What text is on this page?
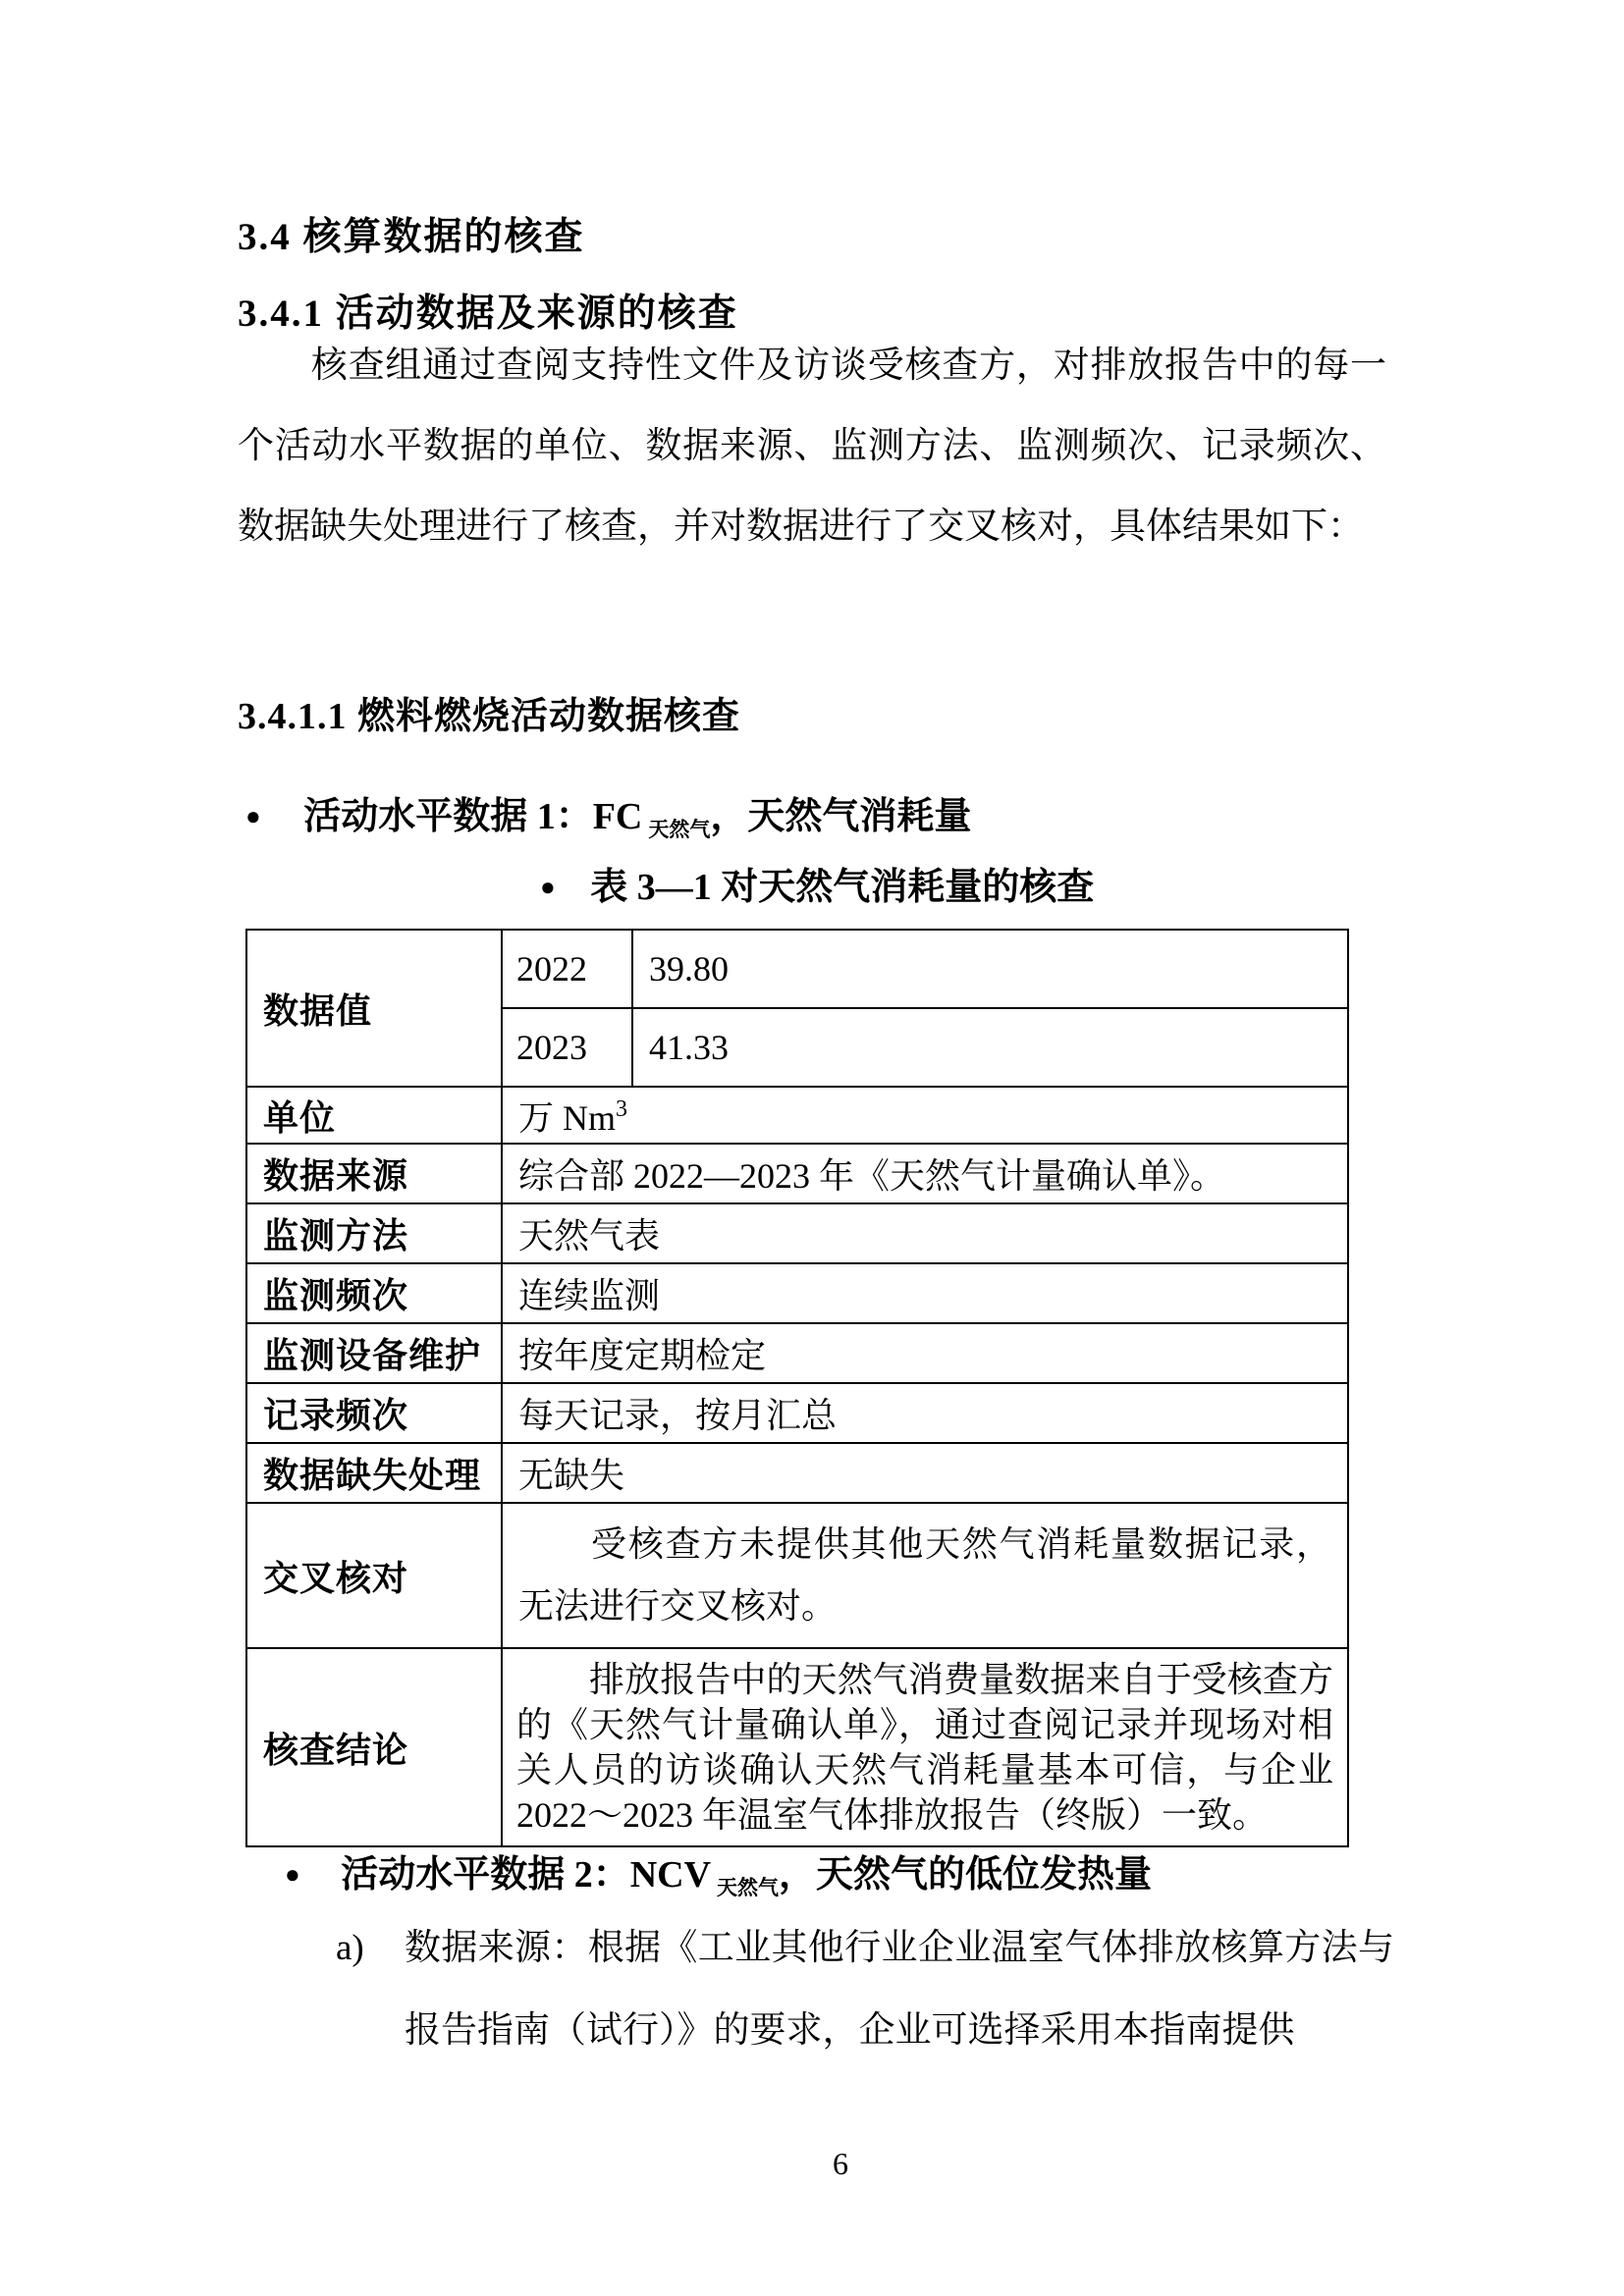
3.4 核算数据的核查
3.4.1 活动数据及来源的核查
核查组通过查阅支持性文件及访谈受核查方，对排放报告中的每一个活动水平数据的单位、数据来源、监测方法、监测频次、记录频次、数据缺失处理进行了核查，并对数据进行了交叉核对，具体结果如下：
3.4.1.1 燃料燃烧活动数据核查
● 活动水平数据 1：FC $_{天然气}$，天然气消耗量
● 表 3—1 对天然气消耗量的核查
数据值	2022	39.80
	2023	41.33
单位	万 Nm$^3$
数据来源	综合部 2022—2023 年《天然气计量确认单》。	
监测方法	天然气表	
监测频次	连续监测	
监测设备维护	按年度定期检定	
记录频次	每天记录，按月汇总	
数据缺失处理	无缺失	
交叉核对	受核查方未提供其他天然气消耗量数据记录，无法进行交叉核对。	

核查结论	排放报告中的天然气消费量数据来自于受核查方的《天然气计量确认单》，通过查阅记录并现场对相关人员的访谈确认天然气消耗量基本可信，与企业 2022～2023 年温室气体排放报告（终版）一致。	
● 活动水平数据 2：NCV $_{天然气}$，天然气的低位发热量
a)	数据来源：根据《工业其他行业企业温室气体排放核算方法与报告指南（试行）》的要求，企业可选择采用本指南提供
6
